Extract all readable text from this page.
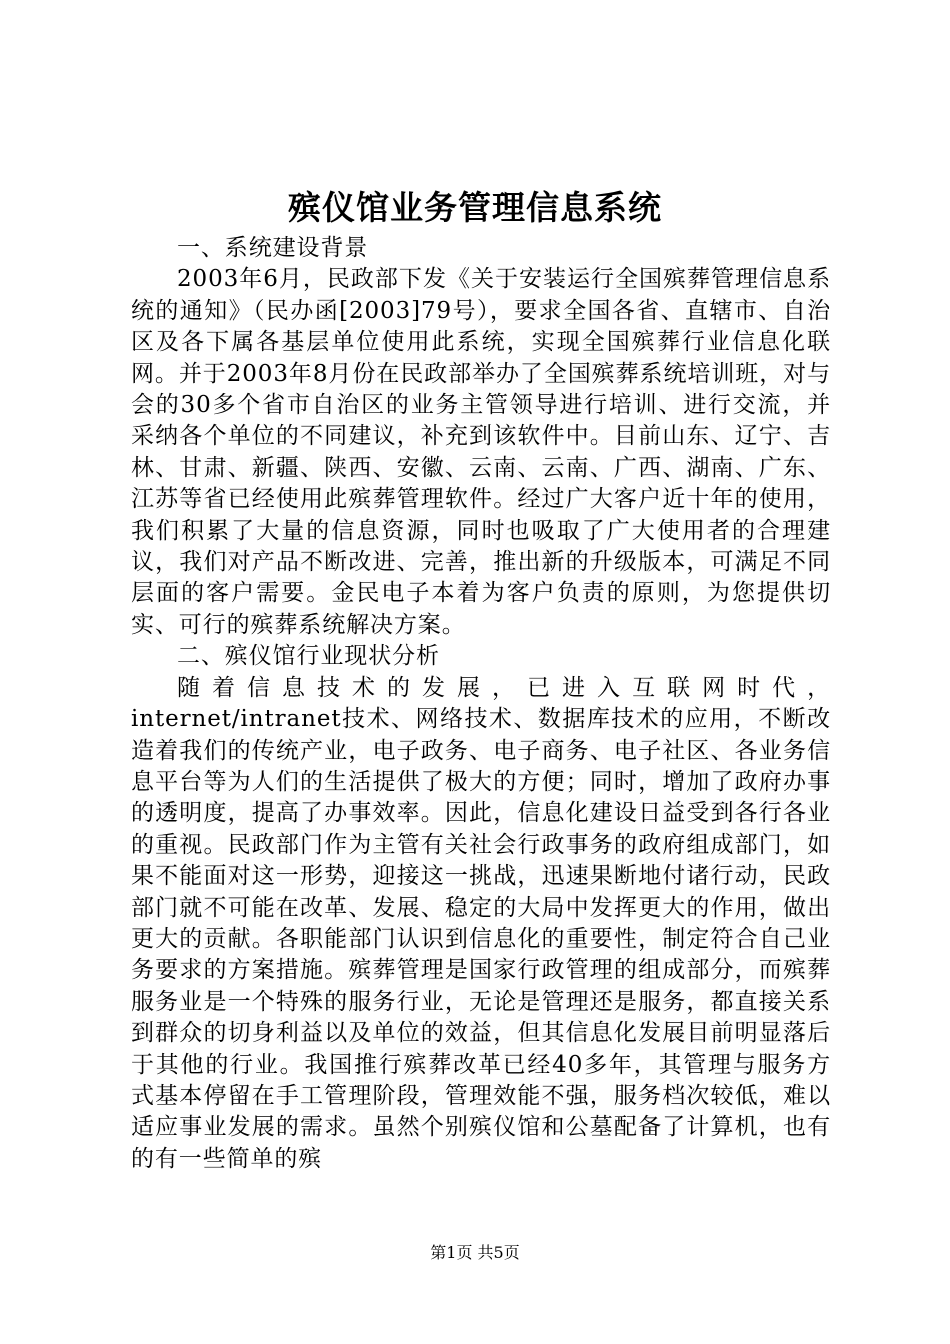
殡仪馆业务管理信息系统

一、系统建设背景

2003年6月，民政部下发《关于安装运行全国殡葬管理信息系统的通知》（民办函[2003]79号），要求全国各省、直辖市、自治区及各下属各基层单位使用此系统，实现全国殡葬行业信息化联网。并于2003年8月份在民政部举办了全国殡葬系统培训班，对与会的30多个省市自治区的业务主管领导进行培训、进行交流，并采纳各个单位的不同建议，补充到该软件中。目前山东、辽宁、吉林、甘肃、新疆、陕西、安徽、云南、云南、广西、湖南、广东、江苏等省已经使用此殡葬管理软件。经过广大客户近十年的使用，我们积累了大量的信息资源，同时也吸取了广大使用者的合理建议，我们对产品不断改进、完善，推出新的升级版本，可满足不同层面的客户需要。金民电子本着为客户负责的原则，为您提供切实、可行的殡葬系统解决方案。

二、殡仪馆行业现状分析

随着信息技术的发展，已进入互联网时代，internet/intranet技术、网络技术、数据库技术的应用，不断改造着我们的传统产业，电子政务、电子商务、电子社区、各业务信息平台等为人们的生活提供了极大的方便；同时，增加了政府办事的透明度，提高了办事效率。因此，信息化建设日益受到各行各业的重视。民政部门作为主管有关社会行政事务的政府组成部门，如果不能面对这一形势，迎接这一挑战，迅速果断地付诸行动，民政部门就不可能在改革、发展、稳定的大局中发挥更大的作用，做出更大的贡献。各职能部门认识到信息化的重要性，制定符合自己业务要求的方案措施。殡葬管理是国家行政管理的组成部分，而殡葬服务业是一个特殊的服务行业，无论是管理还是服务，都直接关系到群众的切身利益以及单位的效益，但其信息化发展目前明显落后于其他的行业。我国推行殡葬改革已经40多年，其管理与服务方式基本停留在手工管理阶段，管理效能不强，服务档次较低，难以适应事业发展的需求。虽然个别殡仪馆和公墓配备了计算机，也有的有一些简单的殡

第1页 共5页
